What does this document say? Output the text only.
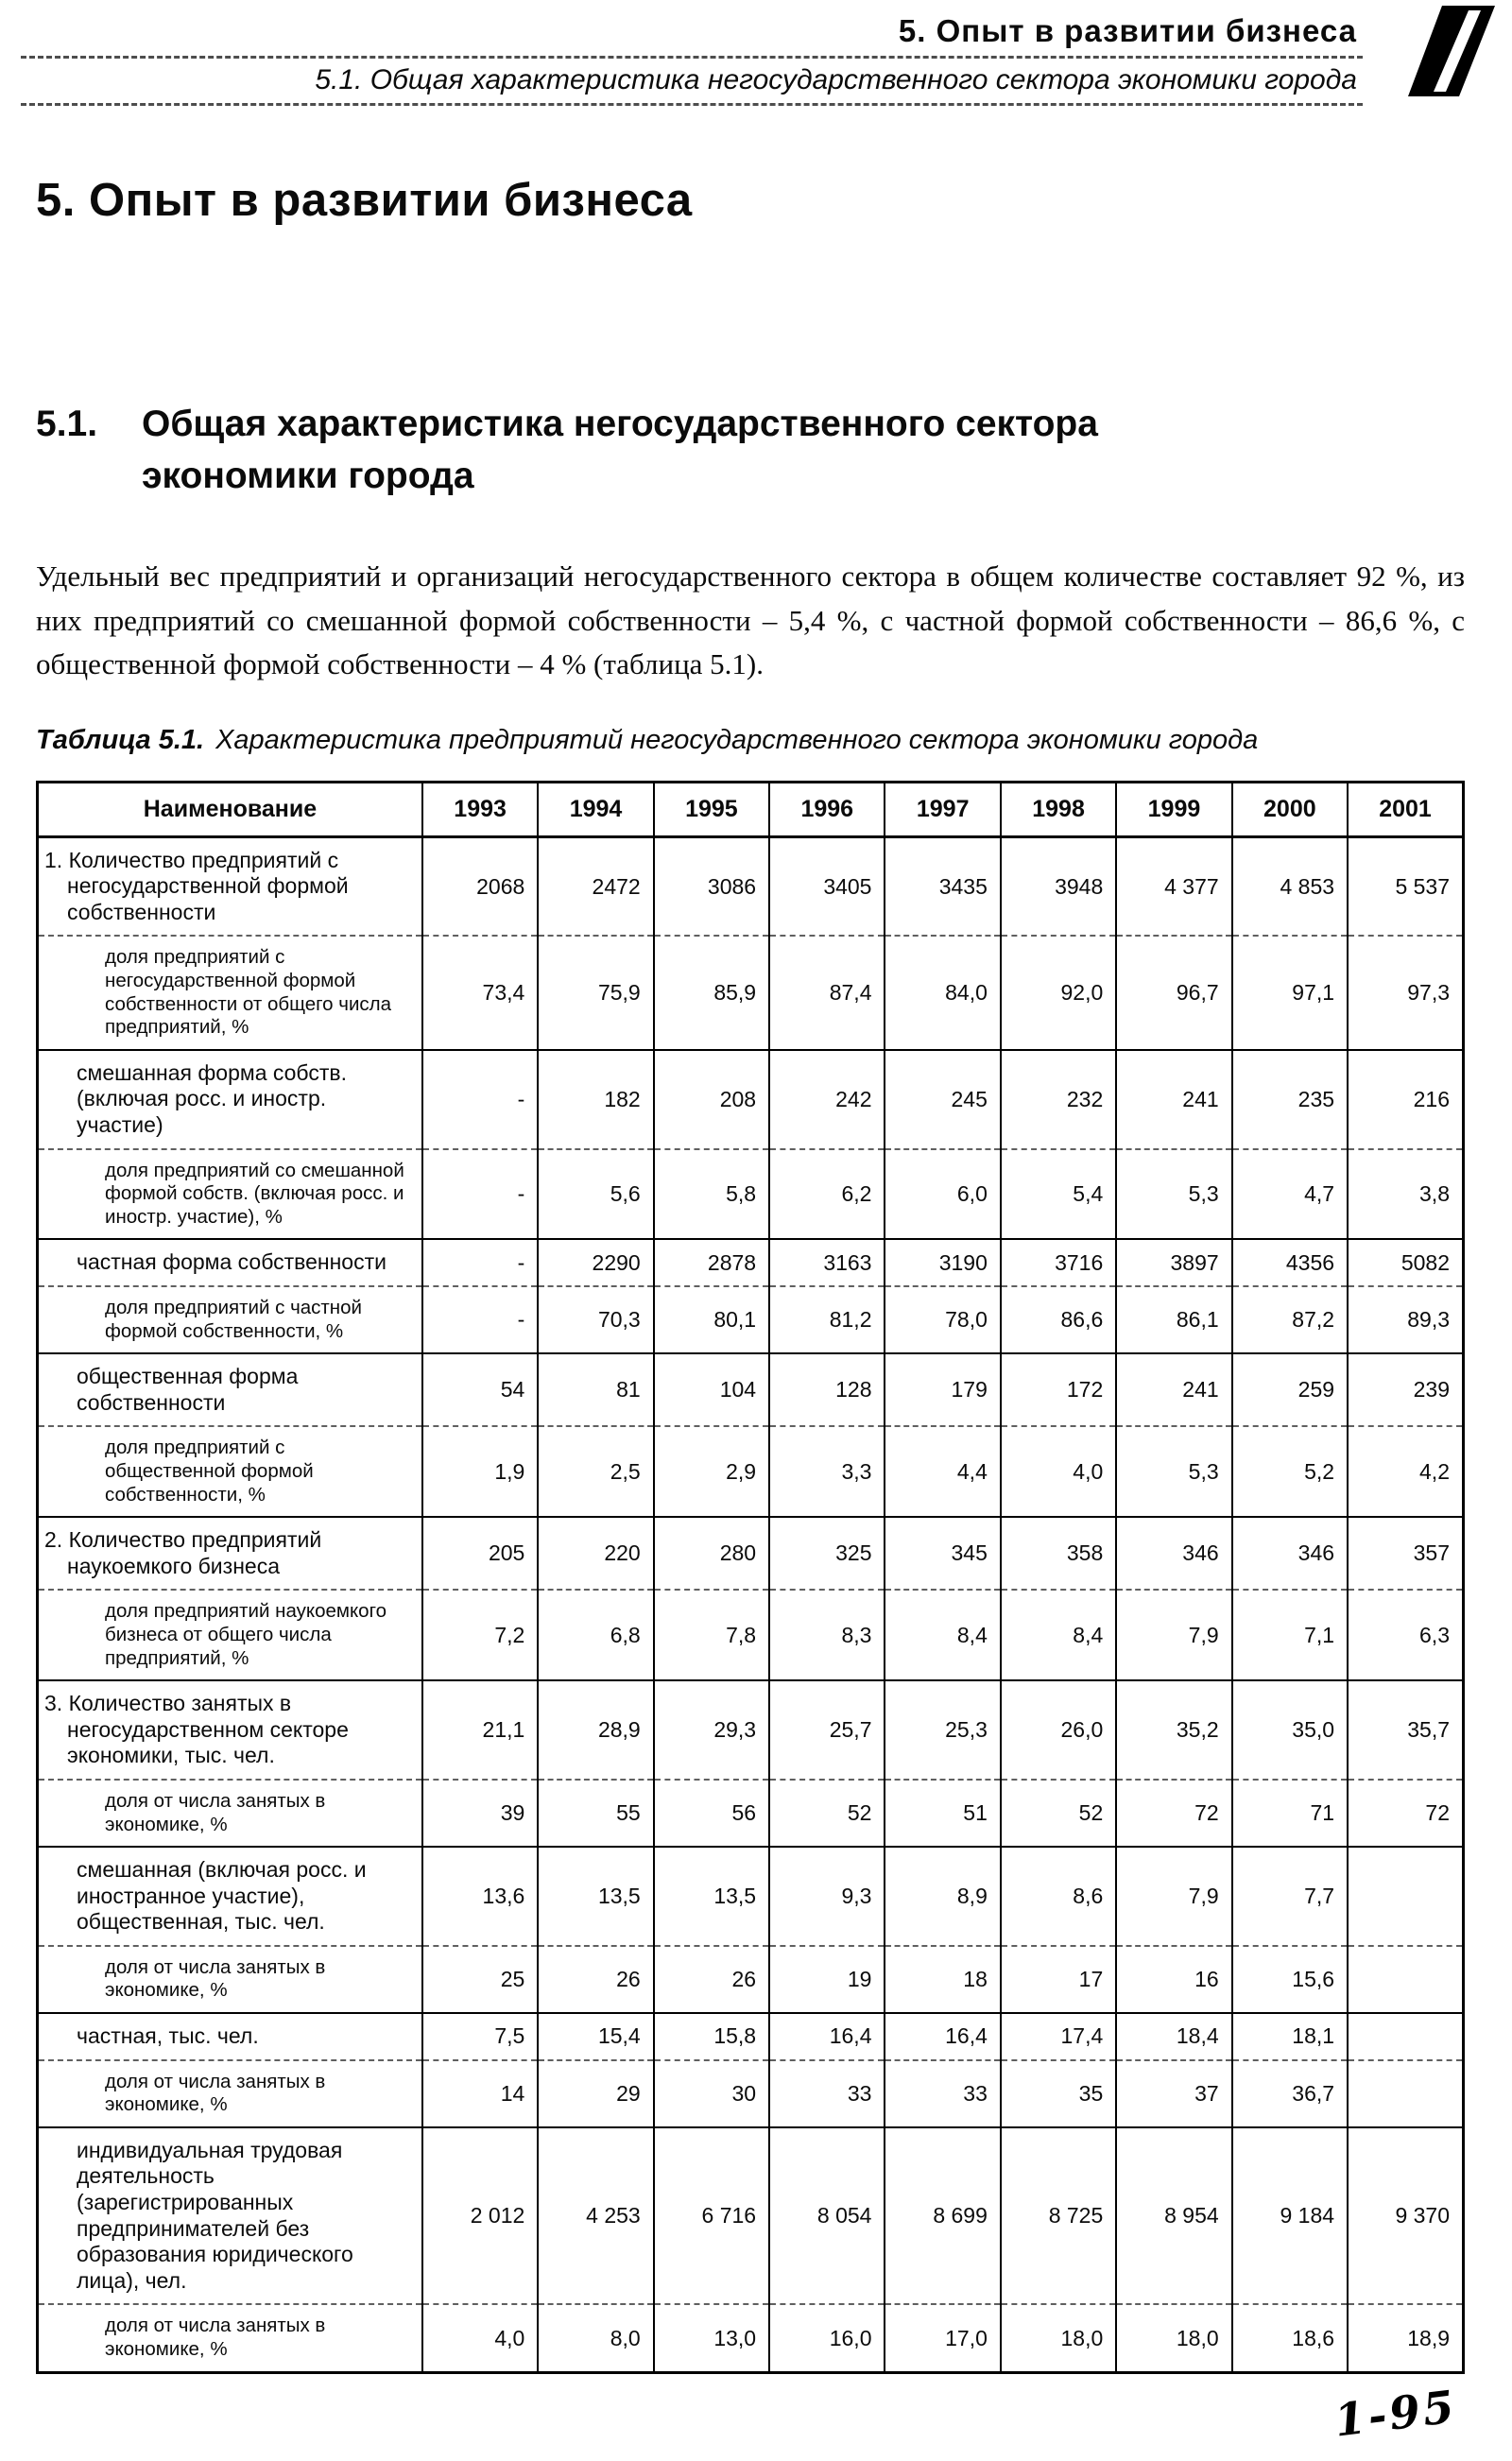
5. Опыт в развитии бизнеса
5.1. Общая характеристика негосударственного сектора экономики города
5. Опыт в развитии бизнеса
5.1. Общая характеристика негосударственного сектора
экономики города

Удельный вес предприятий и организаций негосударственного сектора в общем количестве составляет 92 %, из них предприятий со смешанной формой собственности – 5,4 %, с частной формой собственности – 86,6 %, с общественной формой собственности – 4 % (таблица 5.1).

Таблица 5.1. Характеристика предприятий негосударственного сектора экономики города
Наименование	1993	1994	1995	1996	1997	1998	1999	2000	2001
1. Количество предприятий с негосударственной формой собственности	2068	2472	3086	3405	3435	3948	4 377	4 853	5 537
доля предприятий с негосударственной формой собственности от общего числа предприятий, %	73,4	75,9	85,9	87,4	84,0	92,0	96,7	97,1	97,3
смешанная форма собств. (включая росс. и иностр. участие)	-	182	208	242	245	232	241	235	216
доля предприятий со смешанной формой собств. (включая росс. и иностр. участие), %	-	5,6	5,8	6,2	6,0	5,4	5,3	4,7	3,8
частная форма собственности	-	2290	2878	3163	3190	3716	3897	4356	5082
доля предприятий с частной формой собственности, %	-	70,3	80,1	81,2	78,0	86,6	86,1	87,2	89,3
общественная форма собственности	54	81	104	128	179	172	241	259	239
доля предприятий с общественной формой собственности, %	1,9	2,5	2,9	3,3	4,4	4,0	5,3	5,2	4,2
2. Количество предприятий наукоемкого бизнеса	205	220	280	325	345	358	346	346	357
доля предприятий наукоемкого бизнеса от общего числа предприятий, %	7,2	6,8	7,8	8,3	8,4	8,4	7,9	7,1	6,3
3. Количество занятых в негосударственном секторе экономики, тыс. чел.	21,1	28,9	29,3	25,7	25,3	26,0	35,2	35,0	35,7
доля от числа занятых в экономике, %	39	55	56	52	51	52	72	71	72
смешанная (включая росс. и иностранное участие), общественная, тыс. чел.	13,6	13,5	13,5	9,3	8,9	8,6	7,9	7,7	
доля от числа занятых в экономике, %	25	26	26	19	18	17	16	15,6	
частная, тыс. чел.	7,5	15,4	15,8	16,4	16,4	17,4	18,4	18,1	
доля от числа занятых в экономике, %	14	29	30	33	33	35	37	36,7	
индивидуальная трудовая деятельность (зарегистрированных предпринимателей без образования юридического лица), чел.	2 012	4 253	6 716	8 054	8 699	8 725	8 954	9 184	9 370
доля от числа занятых в экономике, %	4,0	8,0	13,0	16,0	17,0	18,0	18,0	18,6	18,9
1-95
